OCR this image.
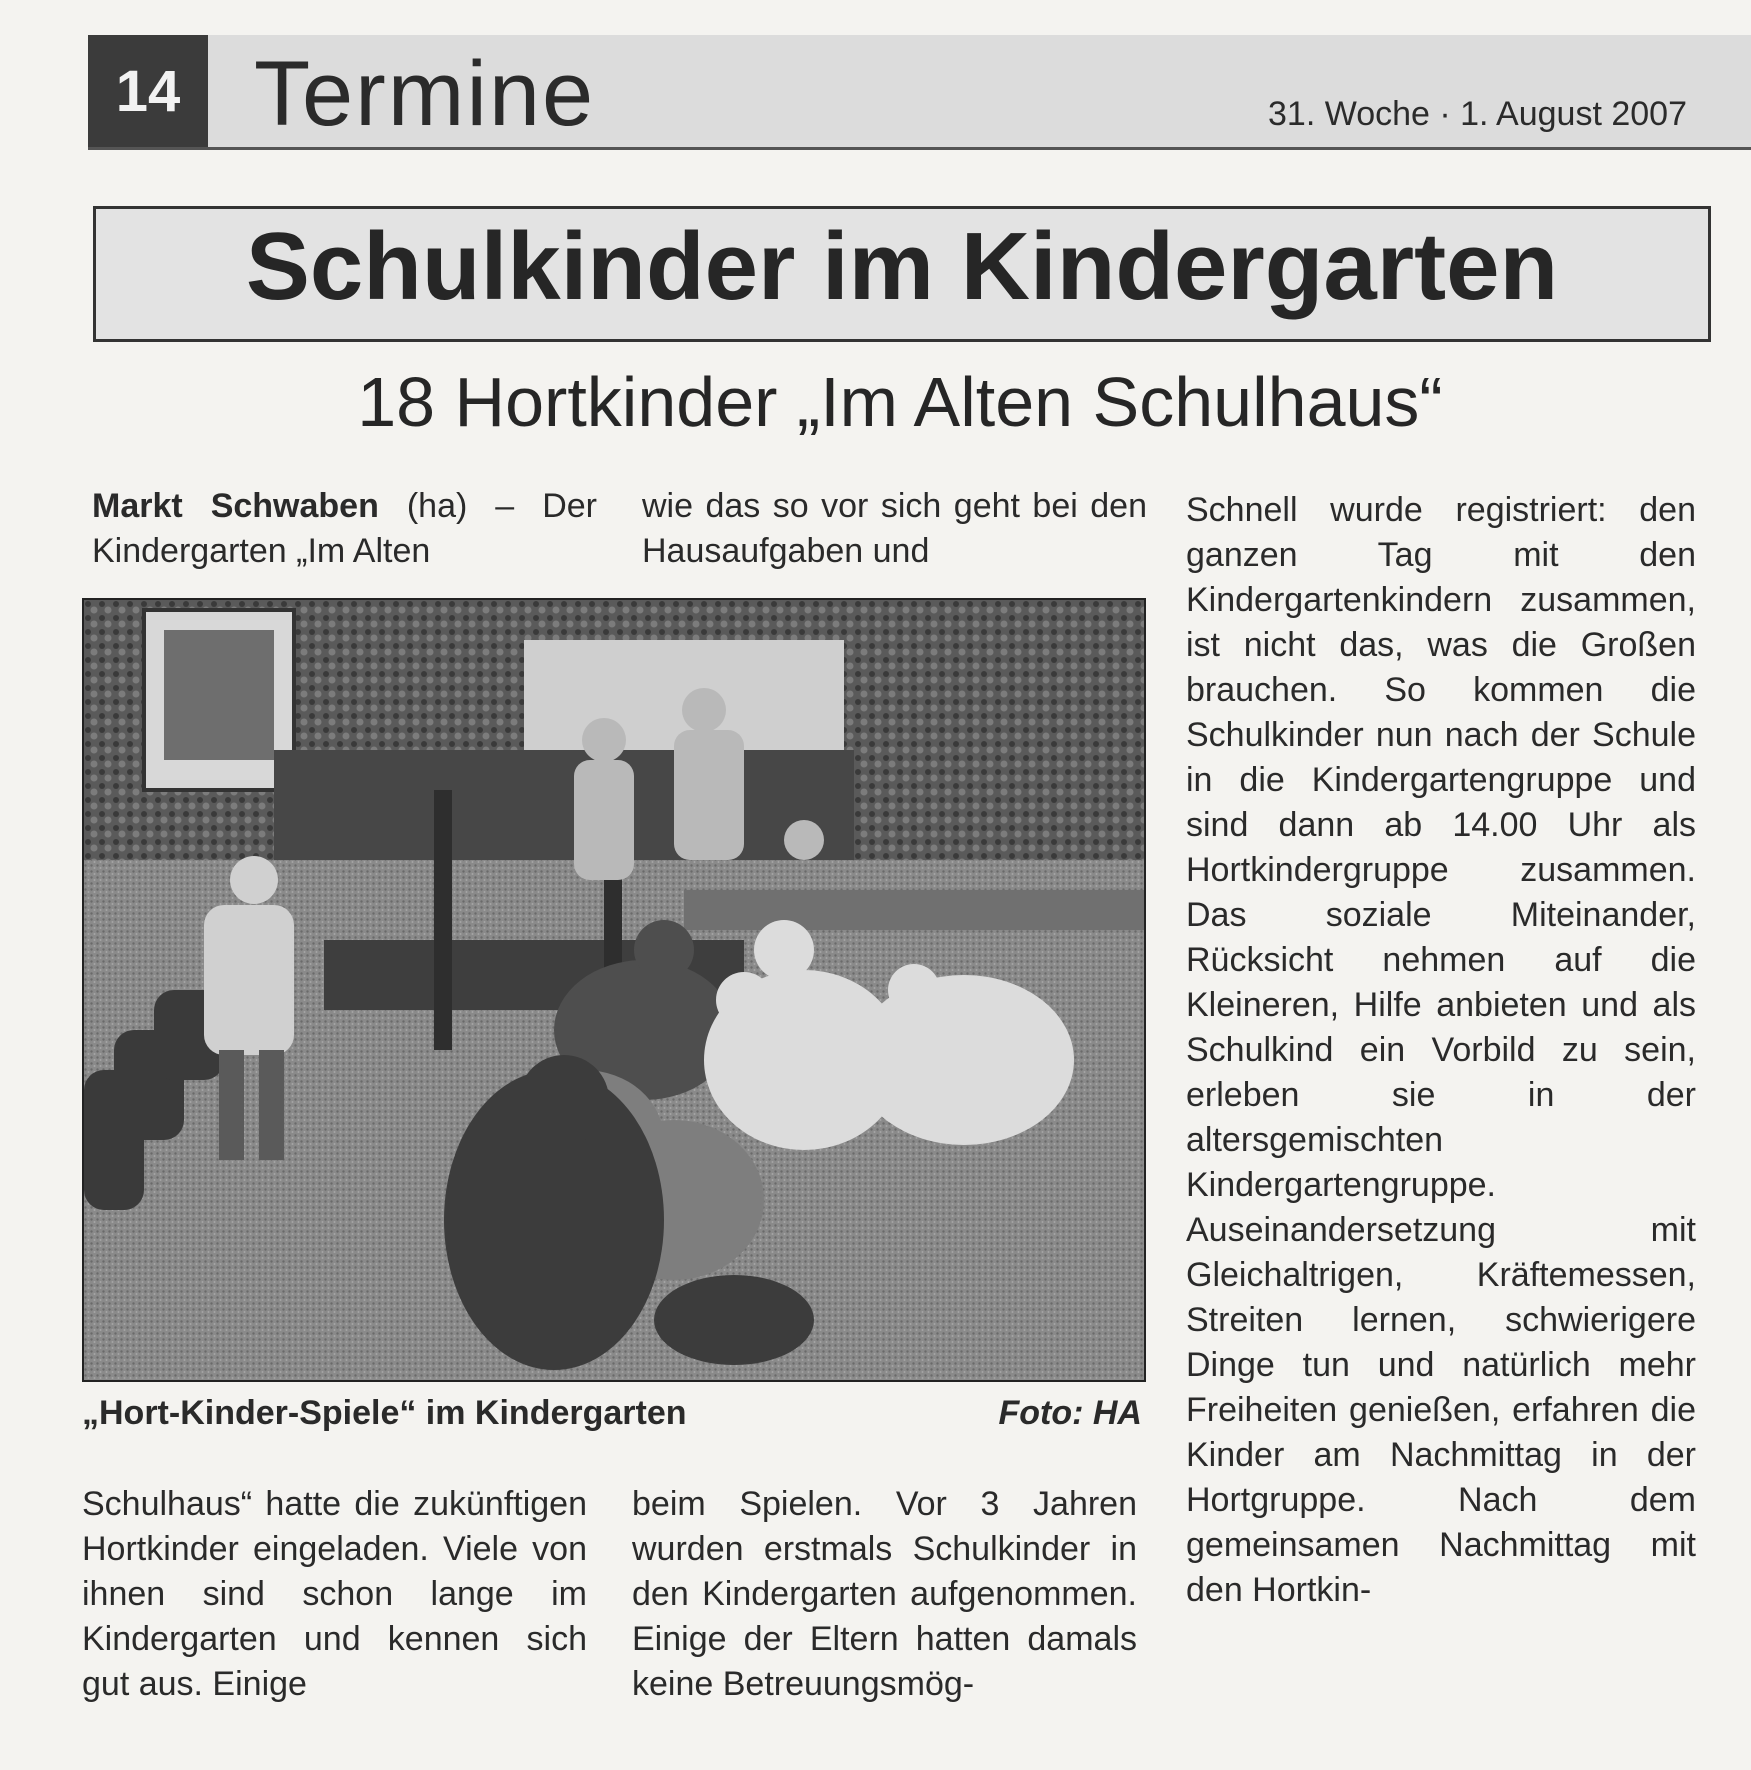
14 Termine	31. Woche · 1. August 2007
Schulkinder im Kindergarten
18 Hortkinder „Im Alten Schulhaus“
Markt Schwaben (ha) – Der Kindergarten „Im Alten
wie das so vor sich geht bei den Hausaufgaben und
„Hort-Kinder-Spiele“ im Kindergarten	Foto: HA
Schulhaus“ hatte die zukünftigen Hortkinder eingeladen. Viele von ihnen sind schon lange im Kindergarten und kennen sich gut aus. Einige
beim Spielen. Vor 3 Jahren wurden erstmals Schulkinder in den Kindergarten aufgenommen. Einige der Eltern hatten damals keine Betreuungsmög-
Schnell wurde registriert: den ganzen Tag mit den Kindergartenkindern zusammen, ist nicht das, was die Großen brauchen. So kommen die Schulkinder nun nach der Schule in die Kindergartengruppe und sind dann ab 14.00 Uhr als Hortkindergruppe zusammen. Das soziale Miteinander, Rücksicht nehmen auf die Kleineren, Hilfe anbieten und als Schulkind ein Vorbild zu sein, erleben sie in der altersgemischten Kindergartengruppe. Auseinandersetzung mit Gleichaltrigen, Kräftemessen, Streiten lernen, schwierigere Dinge tun und natürlich mehr Freiheiten genießen, erfahren die Kinder am Nachmittag in der Hortgruppe. Nach dem gemeinsamen Nachmittag mit den Hortkin-
